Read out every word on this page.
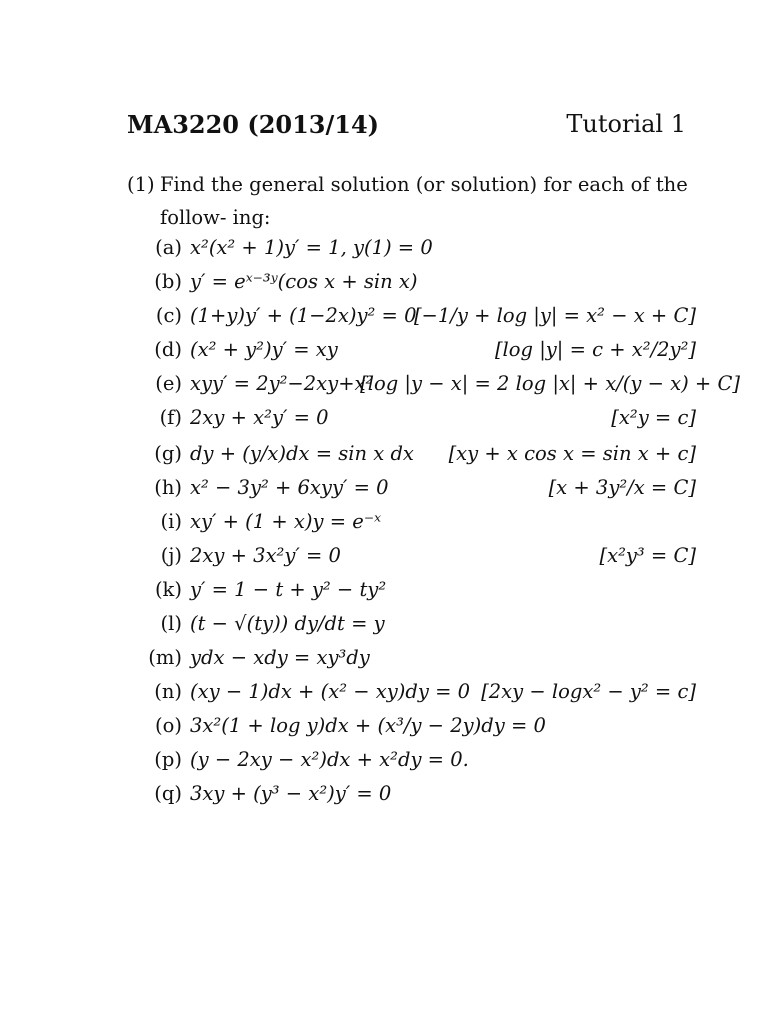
MA3220 (2013/14)	Tutorial 1
(1) Find the general solution (or solution) for each of the follow- ing:
(a) x²(x² + 1)y′ = 1, y(1) = 0
(b) y′ = eˣ⁻³ʸ(cos x + sin x)
(c) (1+y)y′ + (1−2x)y² = 0
[−1/y + log |y| = x² − x + C]
(d) (x² + y²)y′ = xy	[log |y| = c + x²/2y²]
(e) xyy′ = 2y²−2xy+x²
[log |y − x| = 2 log |x| + x/(y − x) + C]
(f) 2xy + x²y′ = 0	[x²y = c]
(g) dy + (y/x)dx = sin x dx [xy + x cos x = sin x + c]
(h) x² − 3y² + 6xyy′ = 0	[x + 3y²/x = C]
(i) xy′ + (1 + x)y = e⁻ˣ
(j) 2xy + 3x²y′ = 0	[x²y³ = C]
(k) y′ = 1 − t + y² − ty²
(l) (t − √(ty)) dy/dt = y
(m) ydx − xdy = xy³dy
(n) (xy − 1)dx + (x² − xy)dy = 0 [2xy − logx² − y² = c]
(o) 3x²(1 + log y)dx + (x³/y − 2y)dy = 0
(p) (y − 2xy − x²)dx + x²dy = 0.
(q) 3xy + (y³ − x²)y′ = 0
